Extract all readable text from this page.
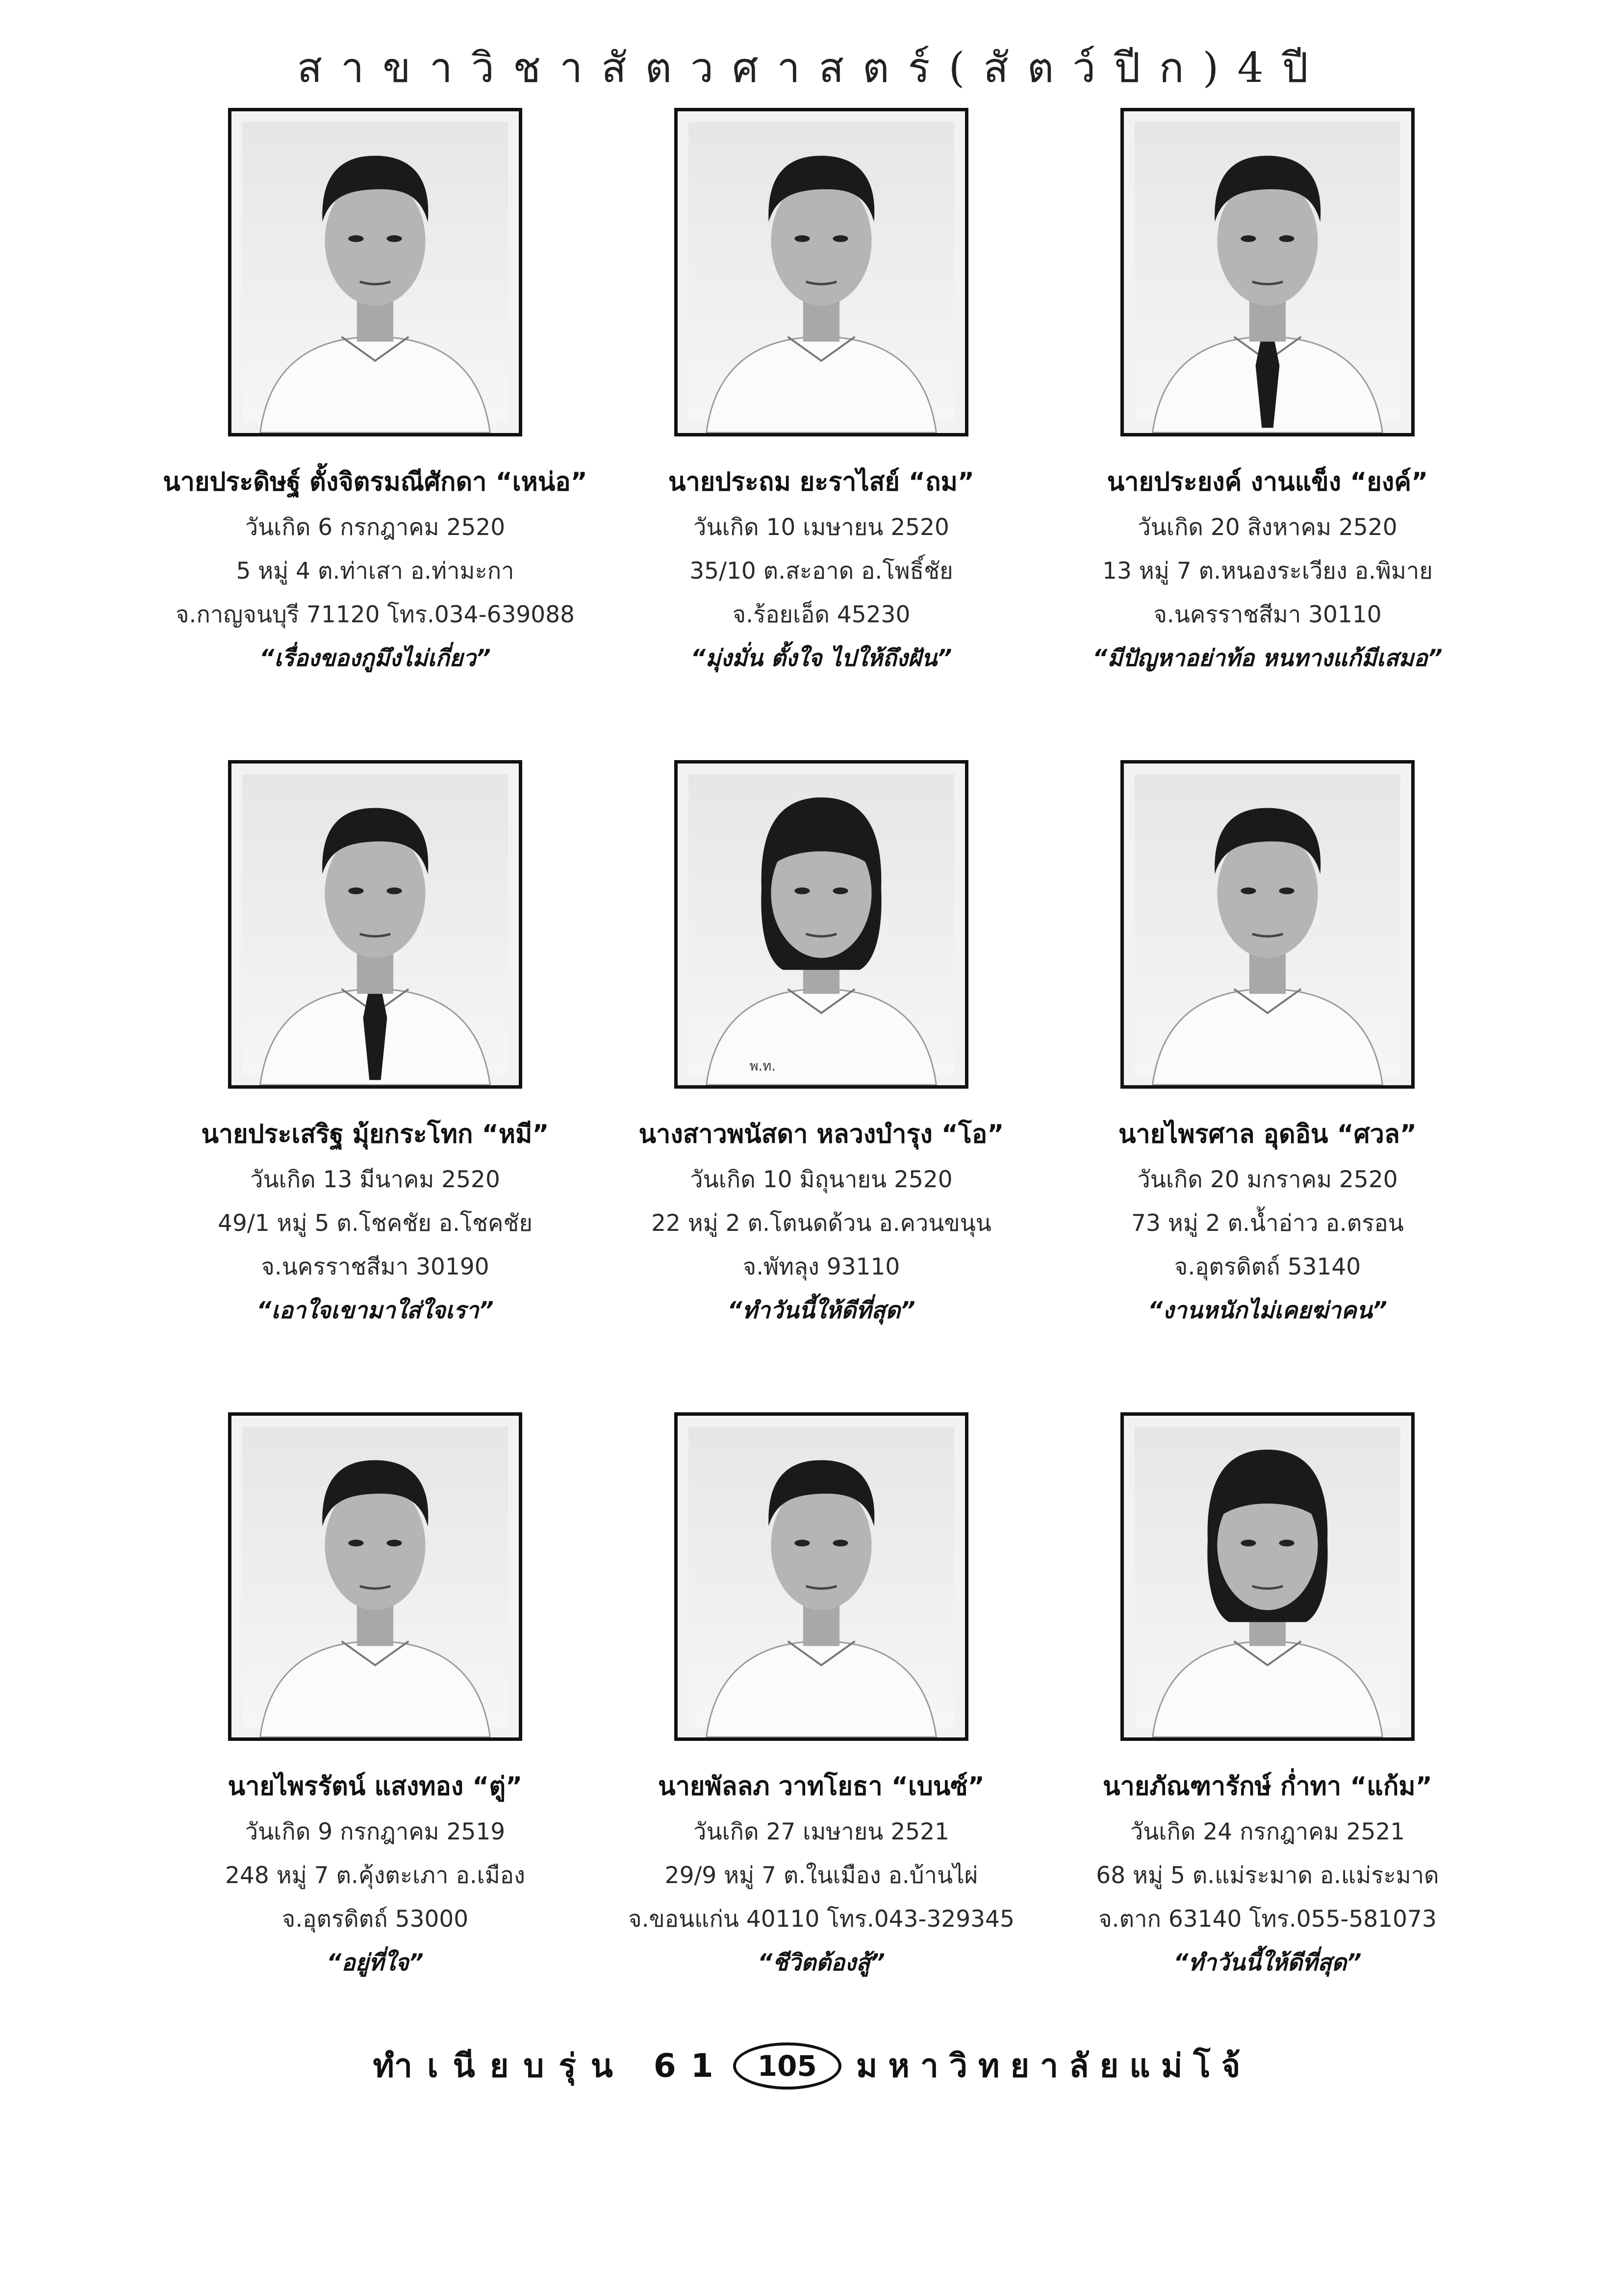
สาขาวิชาสัตวศาสตร์(สัตว์ปีก)4ปี
นายประดิษฐ์ ตั้งจิตรมณีศักดา “เหน่อ”
วันเกิด 6 กรกฎาคม 2520
5 หมู่ 4 ต.ท่าเสา อ.ท่ามะกา
จ.กาญจนบุรี 71120 โทร.034-639088
“เรื่องของกูมึงไม่เกี่ยว”
นายประถม ยะราไสย์ “ถม”
วันเกิด 10 เมษายน 2520
35/10 ต.สะอาด อ.โพธิ์ชัย
จ.ร้อยเอ็ด 45230
“มุ่งมั่น ตั้งใจ ไปให้ถึงฝัน”
นายประยงค์ งานแข็ง “ยงค์”
วันเกิด 20 สิงหาคม 2520
13 หมู่ 7 ต.หนองระเวียง อ.พิมาย
จ.นครราชสีมา 30110
“มีปัญหาอย่าท้อ หนทางแก้มีเสมอ”
นายประเสริฐ มุ้ยกระโทก “หมี”
วันเกิด 13 มีนาคม 2520
49/1 หมู่ 5 ต.โชคชัย อ.โชคชัย
จ.นครราชสีมา 30190
“เอาใจเขามาใส่ใจเรา”
พ.ท.
นางสาวพนัสดา หลวงบำรุง “โอ”
วันเกิด 10 มิถุนายน 2520
22 หมู่ 2 ต.โตนดด้วน อ.ควนขนุน
จ.พัทลุง 93110
“ทำวันนี้ให้ดีที่สุด”
นายไพรศาล อุดอิน “ศวล”
วันเกิด 20 มกราคม 2520
73 หมู่ 2 ต.น้ำอ่าว อ.ตรอน
จ.อุตรดิตถ์ 53140
“งานหนักไม่เคยฆ่าคน”
นายไพรรัตน์ แสงทอง “ตู่”
วันเกิด 9 กรกฎาคม 2519
248 หมู่ 7 ต.คุ้งตะเภา อ.เมือง
จ.อุตรดิตถ์ 53000
“อยู่ที่ใจ”
นายพัลลภ วาทโยธา “เบนซ์”
วันเกิด 27 เมษายน 2521
29/9 หมู่ 7 ต.ในเมือง อ.บ้านไผ่
จ.ขอนแก่น 40110 โทร.043-329345
“ชีวิตต้องสู้”
นายภัณฑารักษ์ ก่ำทา “แก้ม”
วันเกิด 24 กรกฎาคม 2521
68 หมู่ 5 ต.แม่ระมาด อ.แม่ระมาด
จ.ตาก 63140 โทร.055-581073
“ทำวันนี้ให้ดีที่สุด”
ทำเนียบรุ่น 61	105	มหาวิทยาลัยแม่โจ้
